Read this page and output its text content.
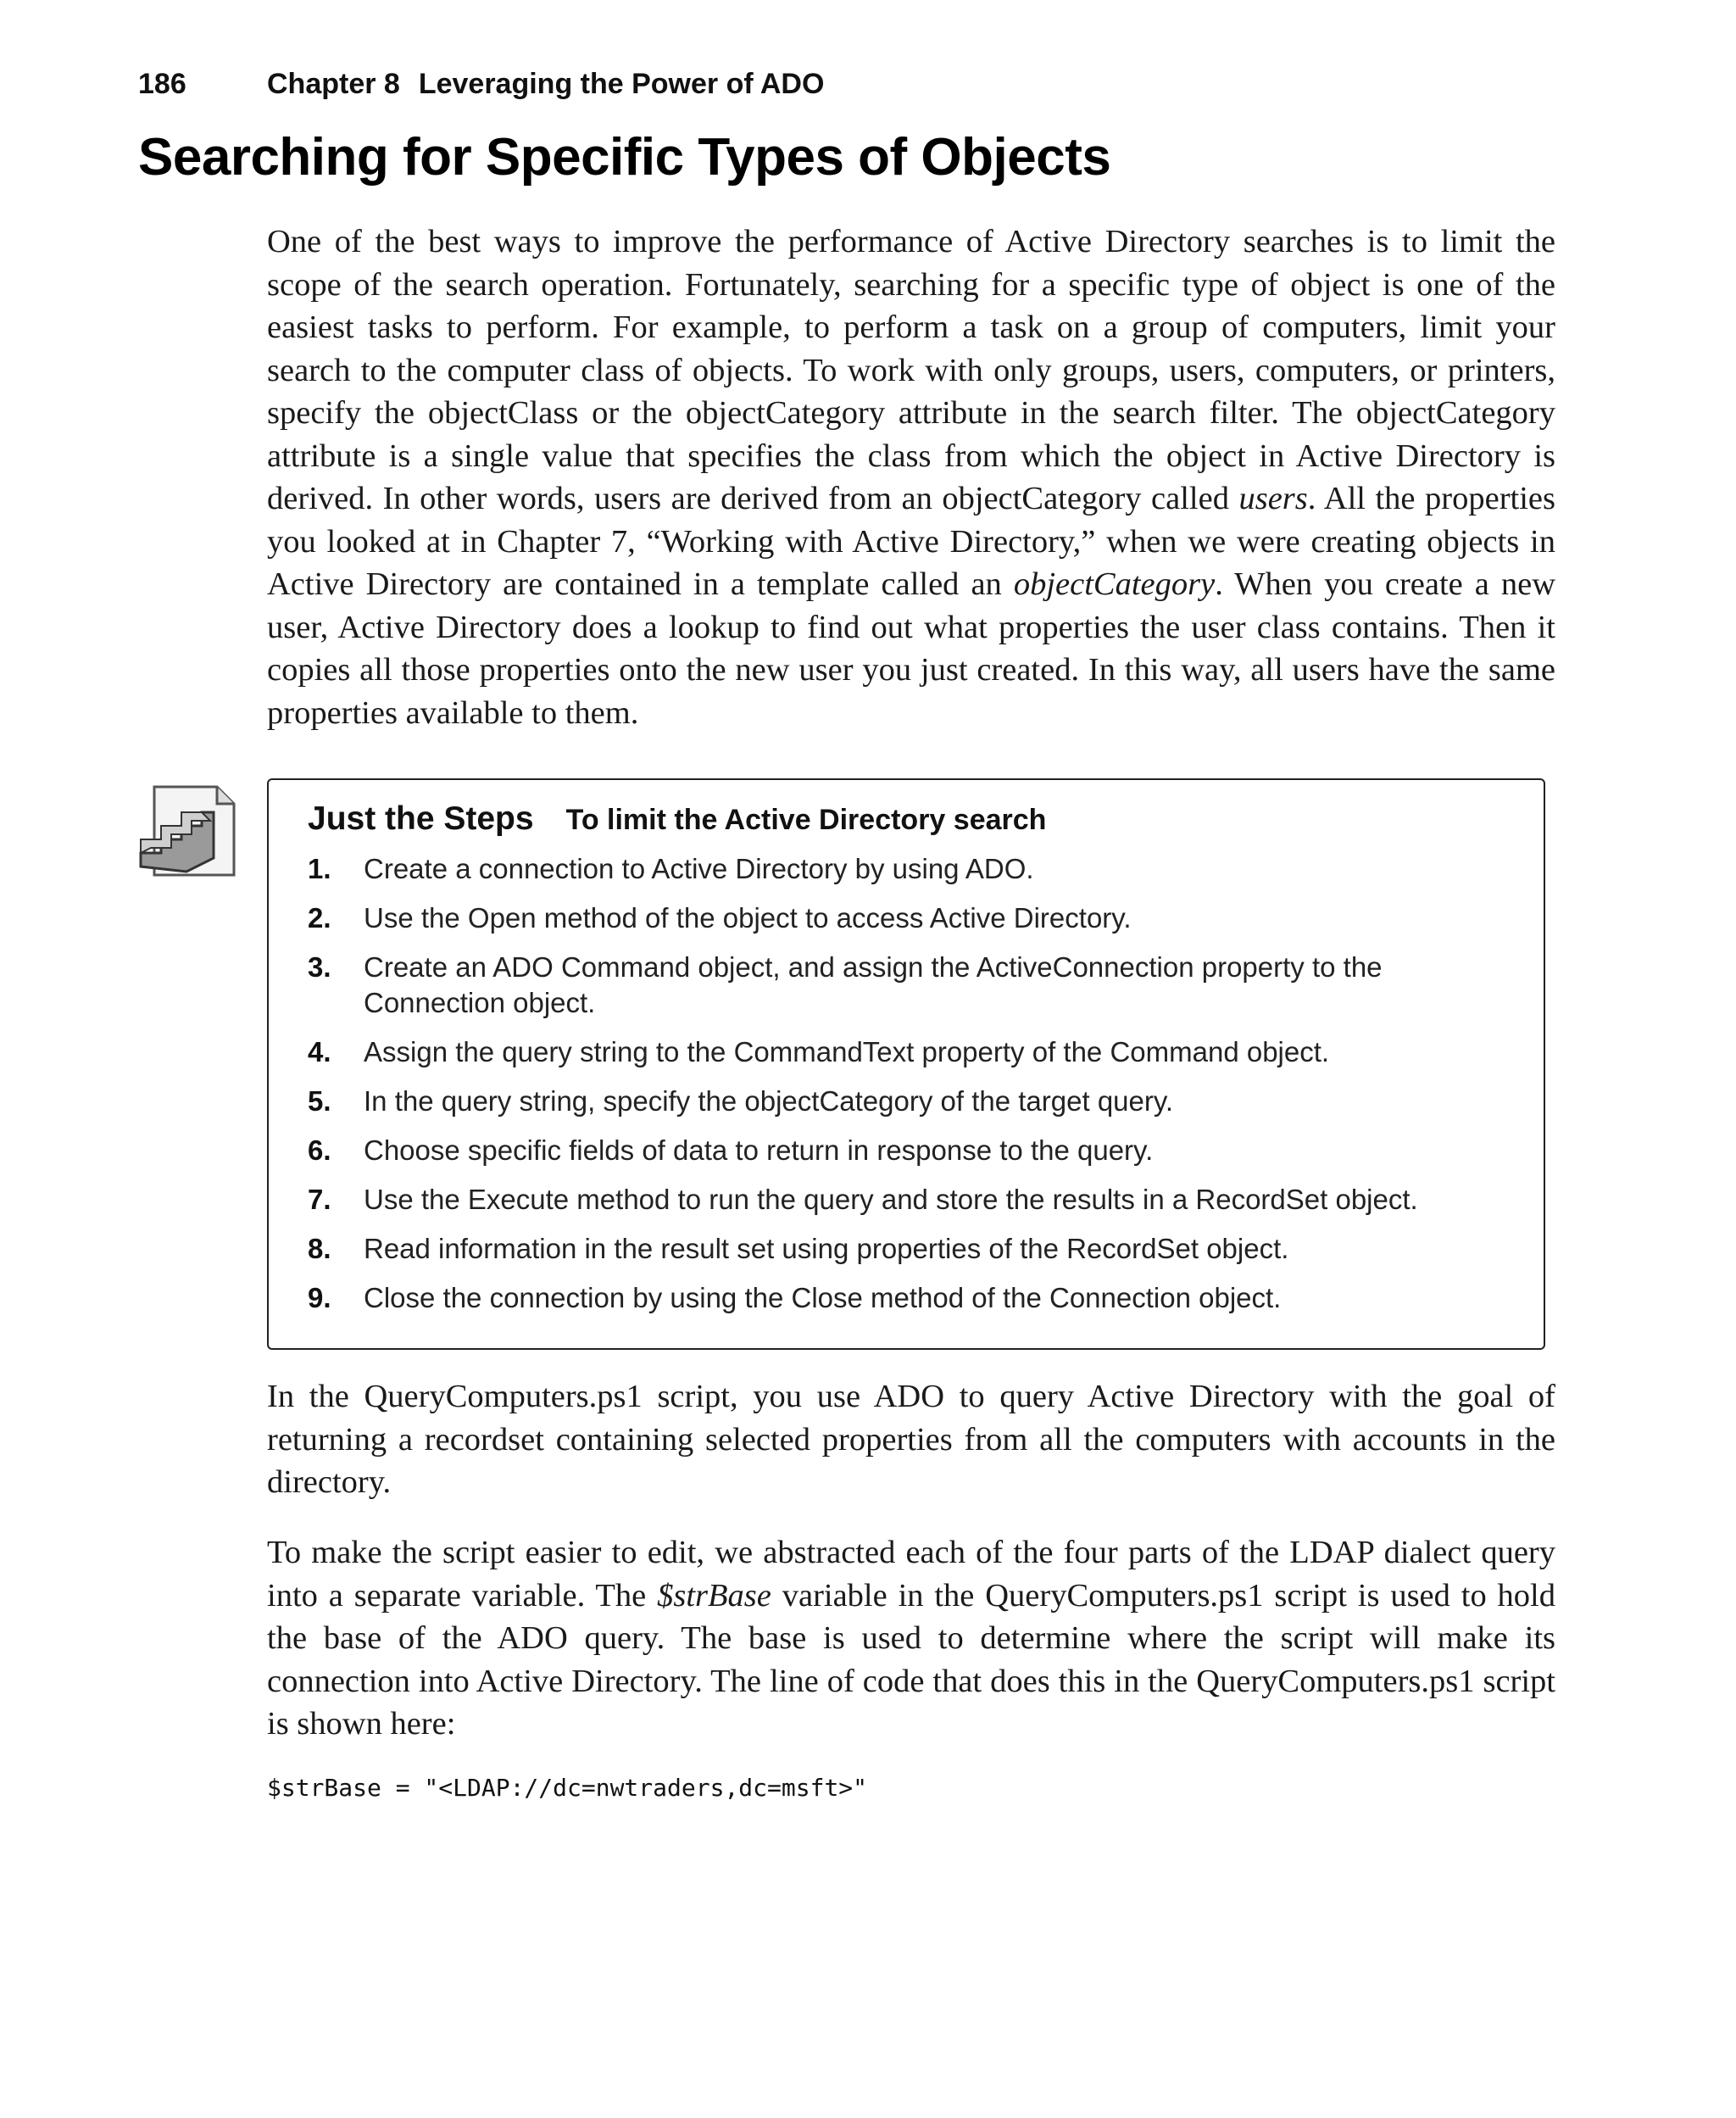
186	Chapter 8 Leveraging the Power of ADO
Searching for Specific Types of Objects

One of the best ways to improve the performance of Active Directory searches is to limit the scope of the search operation. Fortunately, searching for a specific type of object is one of the easiest tasks to perform. For example, to perform a task on a group of computers, limit your search to the computer class of objects. To work with only groups, users, computers, or printers, specify the objectClass or the objectCategory attribute in the search filter. The objectCategory attribute is a single value that specifies the class from which the object in Active Directory is derived. In other words, users are derived from an objectCategory called users. All the properties you looked at in Chapter 7, “Working with Active Directory,” when we were creating objects in Active Directory are contained in a template called an objectCategory. When you create a new user, Active Directory does a lookup to find out what properties the user class contains. Then it copies all those properties onto the new user you just created. In this way, all users have the same properties available to them.

Just the Steps To limit the Active Directory search
1.	Create a connection to Active Directory by using ADO.
2.	Use the Open method of the object to access Active Directory.
3.	Create an ADO Command object, and assign the ActiveConnection property to the Connection object.
4.	Assign the query string to the CommandText property of the Command object.
5.	In the query string, specify the objectCategory of the target query.
6.	Choose specific fields of data to return in response to the query.
7.	Use the Execute method to run the query and store the results in a RecordSet object.
8.	Read information in the result set using properties of the RecordSet object.
9.	Close the connection by using the Close method of the Connection object.

In the QueryComputers.ps1 script, you use ADO to query Active Directory with the goal of returning a recordset containing selected properties from all the computers with accounts in the directory.

To make the script easier to edit, we abstracted each of the four parts of the LDAP dialect query into a separate variable. The $strBase variable in the QueryComputers.ps1 script is used to hold the base of the ADO query. The base is used to determine where the script will make its connection into Active Directory. The line of code that does this in the QueryComputers.ps1 script is shown here:

$strBase = "<LDAP://dc=nwtraders,dc=msft>"
